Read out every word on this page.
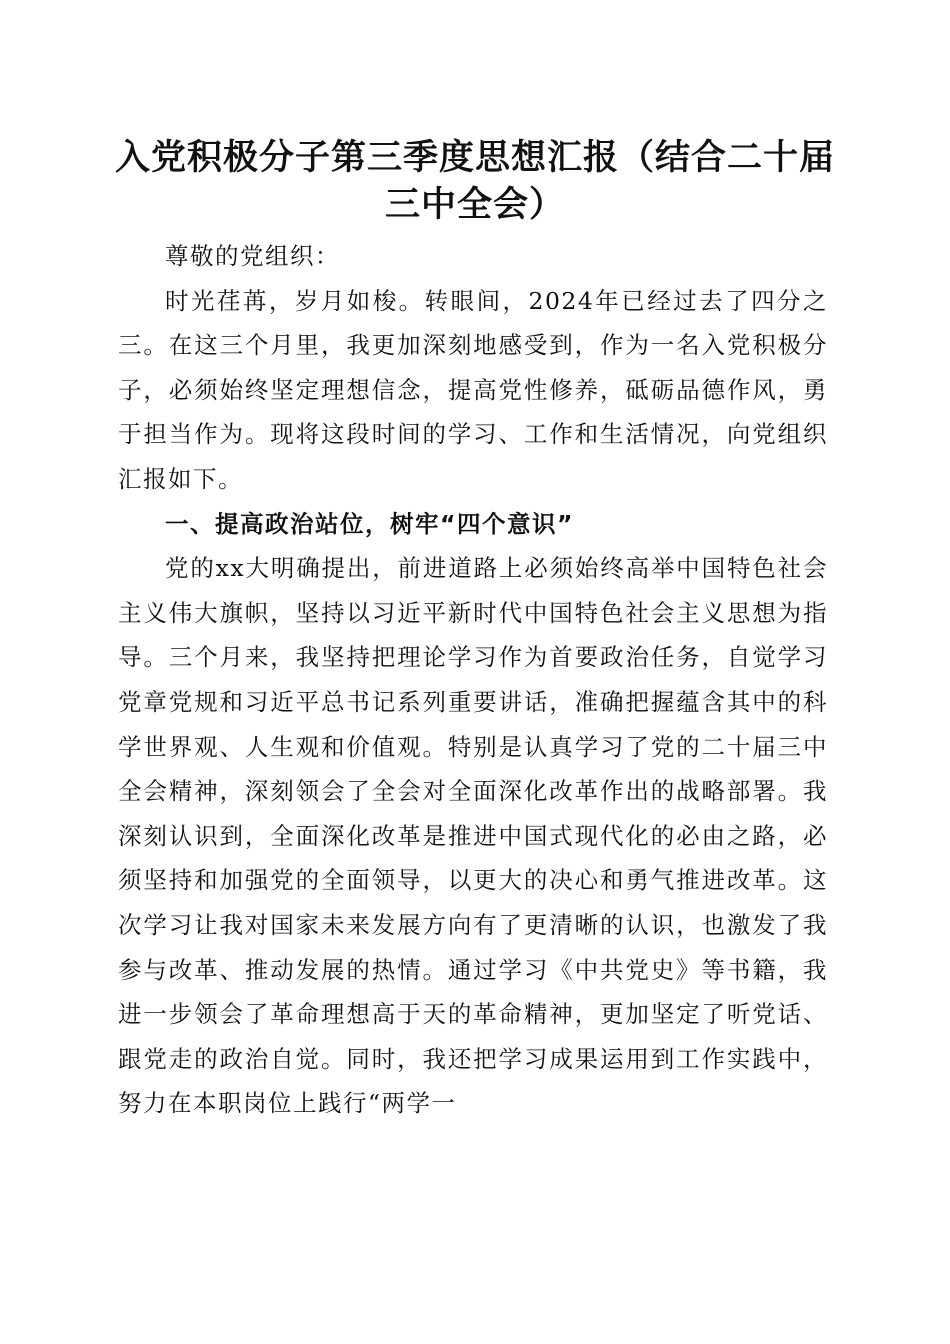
入党积极分子第三季度思想汇报（结合二十届三中全会）

尊敬的党组织：

时光荏苒，岁月如梭。转眼间，2024年已经过去了四分之三。在这三个月里，我更加深刻地感受到，作为一名入党积极分子，必须始终坚定理想信念，提高党性修养，砥砺品德作风，勇于担当作为。现将这段时间的学习、工作和生活情况，向党组织汇报如下。

一、提高政治站位，树牢“四个意识”

党的xx大明确提出，前进道路上必须始终高举中国特色社会主义伟大旗帜，坚持以习近平新时代中国特色社会主义思想为指导。三个月来，我坚持把理论学习作为首要政治任务，自觉学习党章党规和习近平总书记系列重要讲话，准确把握蕴含其中的科学世界观、人生观和价值观。特别是认真学习了党的二十届三中全会精神，深刻领会了全会对全面深化改革作出的战略部署。我深刻认识到，全面深化改革是推进中国式现代化的必由之路，必须坚持和加强党的全面领导，以更大的决心和勇气推进改革。这次学习让我对国家未来发展方向有了更清晰的认识，也激发了我参与改革、推动发展的热情。通过学习《中共党史》等书籍，我进一步领会了革命理想高于天的革命精神，更加坚定了听党话、跟党走的政治自觉。同时，我还把学习成果运用到工作实践中，努力在本职岗位上践行“两学一
